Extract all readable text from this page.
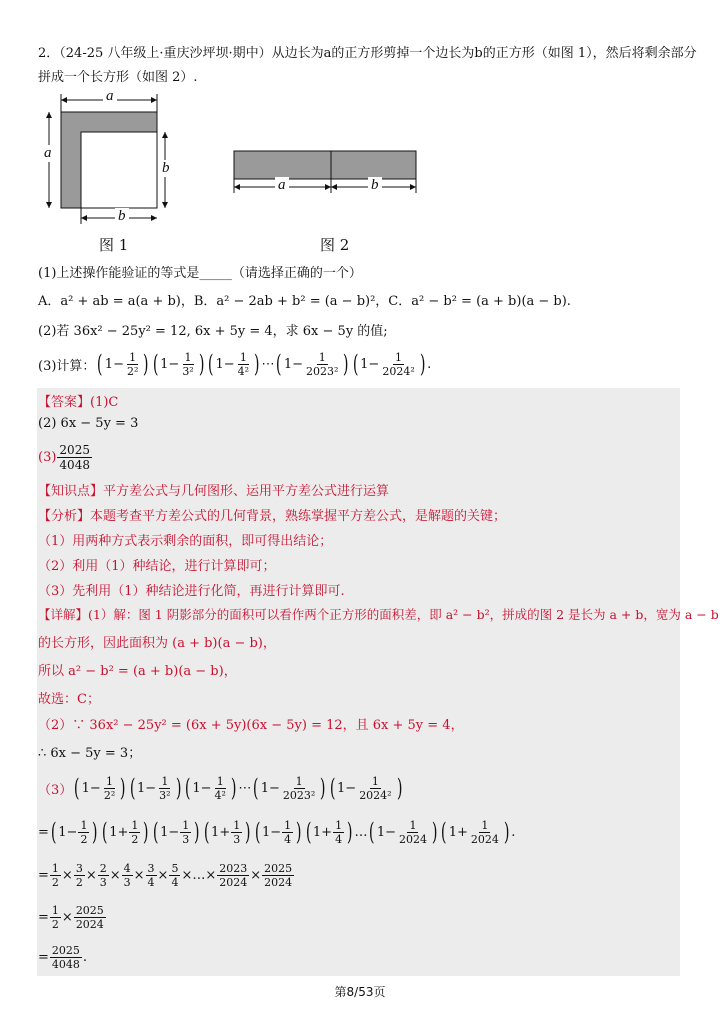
2．（24-25 八年级上·重庆沙坪坝·期中）从边长为a的正方形剪掉一个边长为b的正方形（如图 1），然后将剩余部分
拼成一个长方形（如图 2）.
a
a
b
b
图 1
a	b
图 2
(1)上述操作能验证的等式是_____（请选择正确的一个）
A．a² + ab = a(a + b)，B．a² − 2ab + b² = (a − b)²，C．a² − b² = (a + b)(a − b).
(2)若 36x² − 25y² = 12, 6x + 5y = 4，求 6x − 5y 的值;
(3)计算： ( $1- \frac{1}{\text{2²}}$ ) ( $1- \frac{1}{\text{3²}}$ ) ( $1- \frac{1}{\text{4²}}$ ) ⋯ ( $1- \frac{1}{\text{2023²}}$ ) ( $1- \frac{1}{\text{2024²}}$ ) .
【答案】(1)C
(2) 6x − 5y = 3
$(3) \frac{2025}{4048}$
【知识点】平方差公式与几何图形、运用平方差公式进行运算
【分析】本题考查平方差公式的几何背景，熟练掌握平方差公式，是解题的关键；
（1）用两种方式表示剩余的面积，即可得出结论；
（2）利用（1）种结论，进行计算即可；
（3）先利用（1）种结论进行化简，再进行计算即可.
【详解】(1）解：图 1 阴影部分的面积可以看作两个正方形的面积差，即 a² − b²，拼成的图 2 是长为 a + b，宽为 a − b
的长方形，因此面积为 (a + b)(a − b)，
所以 a² − b² = (a + b)(a − b)，
故选：C；
（2）∵ 36x² − 25y² = (6x + 5y)(6x − 5y) = 12，且 6x + 5y = 4，
∴ 6x − 5y = 3；
（3） ( $1- \frac{1}{\text{2²}}$ ) ( $1- \frac{1}{\text{3²}}$ ) ( $1- \frac{1}{\text{4²}}$ ) ⋯ ( $1- \frac{1}{\text{2023²}}$ ) ( $1- \frac{1}{\text{2024²}}$ )
= ( $1- \frac{1}{2}$ ) ( $1+ \frac{1}{2}$ ) ( $1- \frac{1}{3}$ ) ( $1+ \frac{1}{3}$ ) ( $1- \frac{1}{4}$ ) ( $1+ \frac{1}{4}$ ) … ( $1- \frac{1}{2024}$ ) ( $1+ \frac{1}{2024}$ ) .
= $\frac{1}{2} \times \frac{3}{2} \times \frac{2}{3} \times \frac{4}{3} \times \frac{3}{4} \times \frac{5}{4}$ ×…× $\frac{2023}{2024} \times \frac{2025}{2024}$
= $\frac{1}{2} \times \frac{2025}{2024}$
= $\frac{2025}{4048}$ .
第8/53页
